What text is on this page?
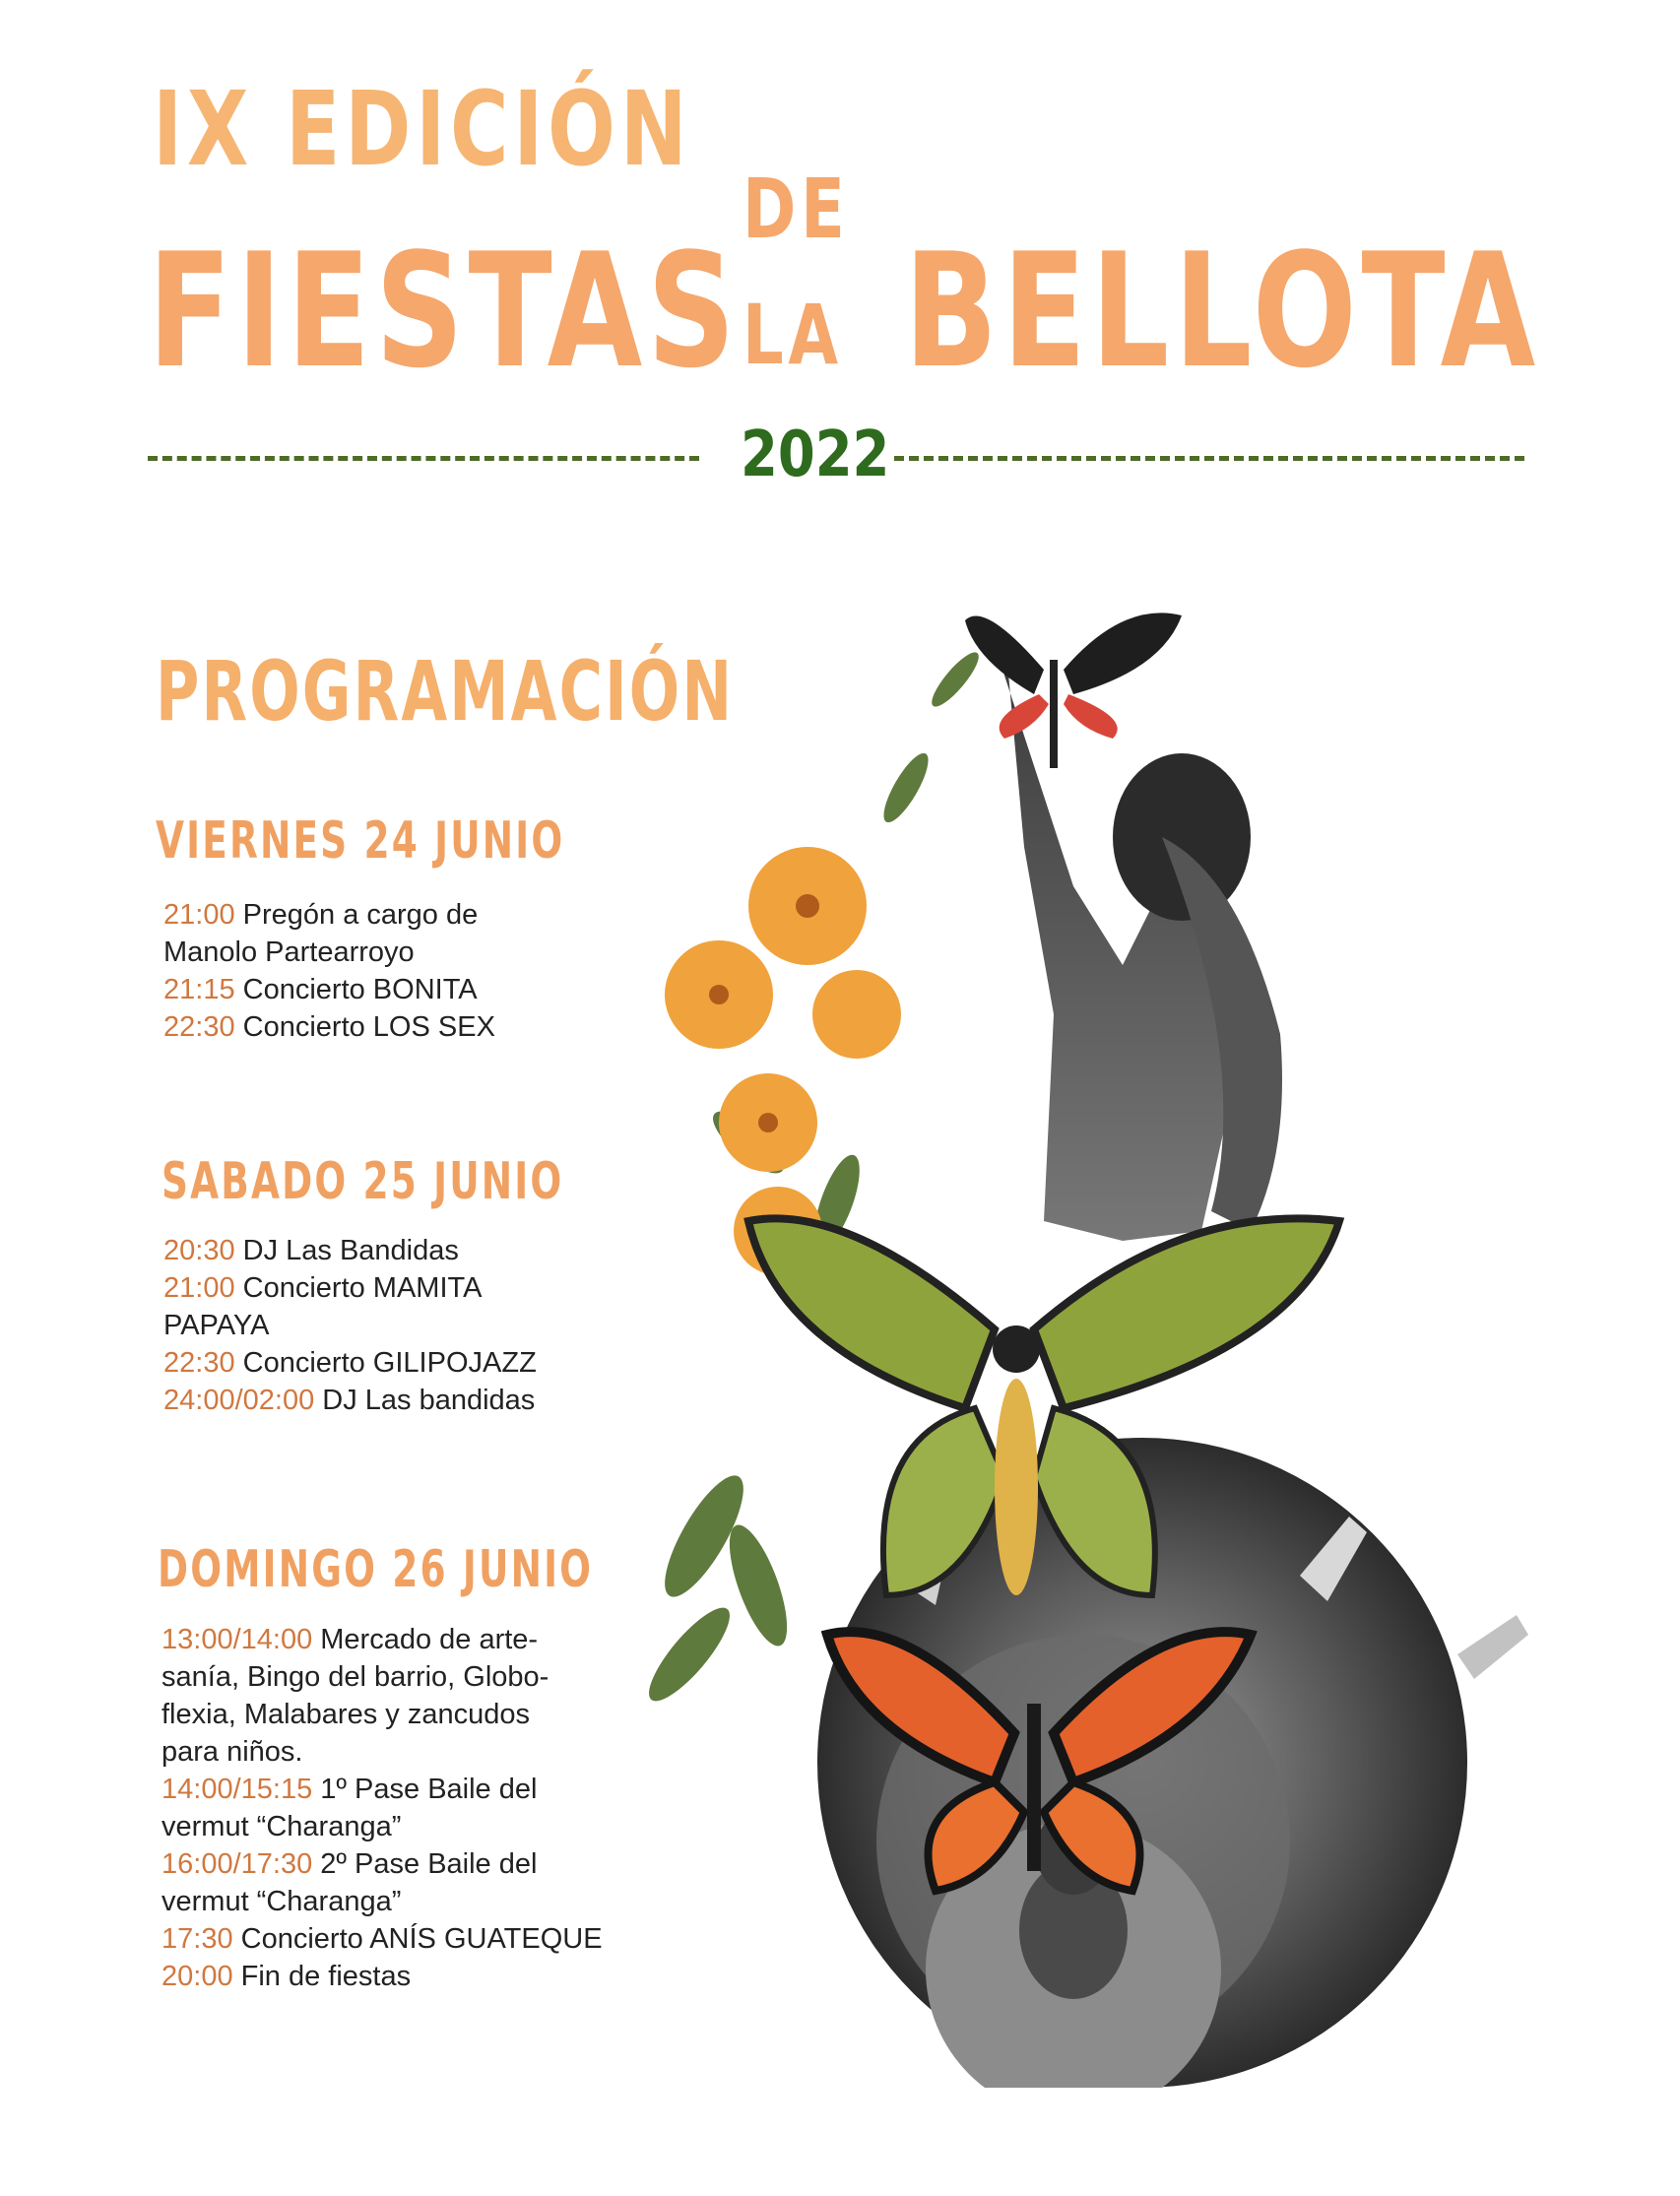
IX EDICIÓN
FIESTAS
DE
LA BELLOTA
2022
PROGRAMACIÓN
VIERNES 24 JUNIO
21:00 Pregón a cargo de
Manolo Partearroyo
21:15 Concierto BONITA
22:30 Concierto LOS SEX
SABADO 25 JUNIO
20:30 DJ Las Bandidas
21:00 Concierto MAMITA
PAPAYA
22:30 Concierto GILIPOJAZZ
24:00/02:00 DJ Las bandidas
DOMINGO 26 JUNIO
13:00/14:00 Mercado de arte-
sanía, Bingo del barrio, Globo-
flexia, Malabares y zancudos
para niños.
14:00/15:15 1º Pase Baile del
vermut “Charanga”
16:00/17:30 2º Pase Baile del
vermut “Charanga”
17:30 Concierto ANÍS GUATEQUE
20:00 Fin de fiestas
